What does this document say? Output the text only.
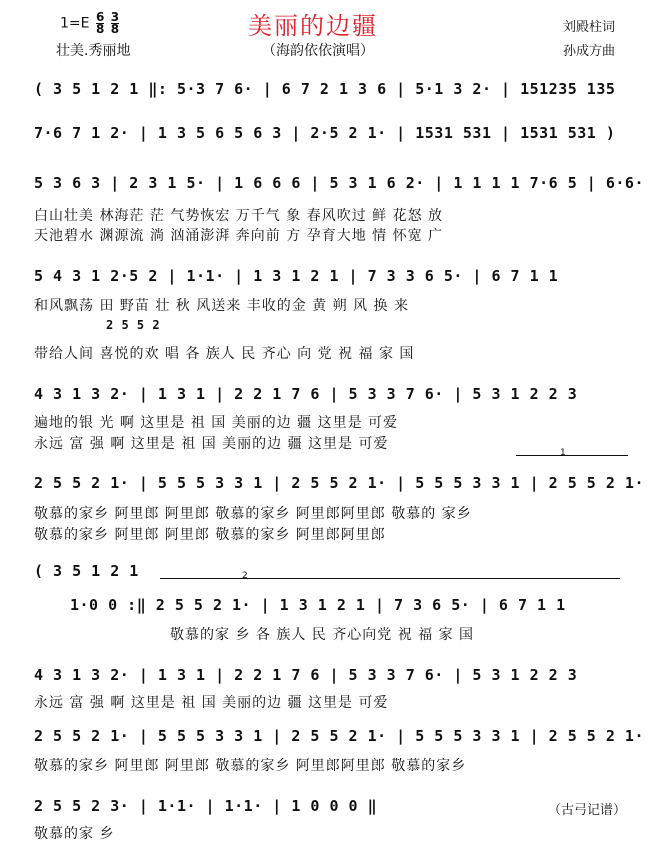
$1=E \frac{6}{8}$
$\frac{3}{8}$	美丽的边疆
壮美.秀丽地	（海韵依依演唱）
刘殿柱词
孙成方曲
( 3 5 1 2 1 ‖: 5·3 7 6· | 6 7 2 1 3 6 | 5·1 3 2· | 151235 135
7·6 7 1 2· | 1 3 5 6 5 6 3 | 2·5 2 1· | 1531 531 | 1531 531 )
5 3 6 3 | 2 3 1 5· | 1 6 6 6 | 5 3 1 6 2· | 1 1 1 1 7·6 5 | 6·6·
白山壮美 林海茫 茫 气势恢宏 万千气 象 春风吹过 鲜 花怒 放
天池碧水 渊源流 淌 汹涌澎湃 奔向前 方 孕育大地 情 怀宽 广
5 4 3 1 2·5 2 | 1·1· | 1 3 1 2 1 | 7 3 3 6 5· | 6 7 1 1
和风飘荡 田 野苗 壮 秋 风送来 丰收的金 黄 朔 风 换 来
2 5 5 2
带给人间 喜悦的欢 唱 各 族人 民 齐心 向 党 祝 福 家 国
4 3 1 3 2· | 1 3 1 | 2 2 1 7 6 | 5 3 3 7 6· | 5 3 1 2 2 3
遍地的银 光 啊 这里是 祖 国 美丽的边 疆 这里是 可爱
永远 富 强 啊 这里是 祖 国 美丽的边 疆 这里是 可爱
1
2 5 5 2 1· | 5 5 5 3 3 1 | 2 5 5 2 1· | 5 5 5 3 3 1 | 2 5 5 2 1·
敬慕的家乡 阿里郎 阿里郎 敬慕的家乡 阿里郎阿里郎 敬慕的 家乡
敬慕的家乡 阿里郎 阿里郎 敬慕的家乡 阿里郎阿里郎
( 3 5 1 2 1	2
1·0 0 :‖ 2 5 5 2 1· | 1 3 1 2 1 | 7 3 6 5· | 6 7 1 1
敬慕的家 乡 各 族人 民 齐心向党 祝 福 家 国
4 3 1 3 2· | 1 3 1 | 2 2 1 7 6 | 5 3 3 7 6· | 5 3 1 2 2 3
永远 富 强 啊 这里是 祖 国 美丽的边 疆 这里是 可爱
2 5 5 2 1· | 5 5 5 3 3 1 | 2 5 5 2 1· | 5 5 5 3 3 1 | 2 5 5 2 1·
敬慕的家乡 阿里郎 阿里郎 敬慕的家乡 阿里郎阿里郎 敬慕的家乡
2 5 5 2 3· | 1·1· | 1·1· | 1 0 0 0 ‖
敬慕的家 乡
（古弓记谱）
